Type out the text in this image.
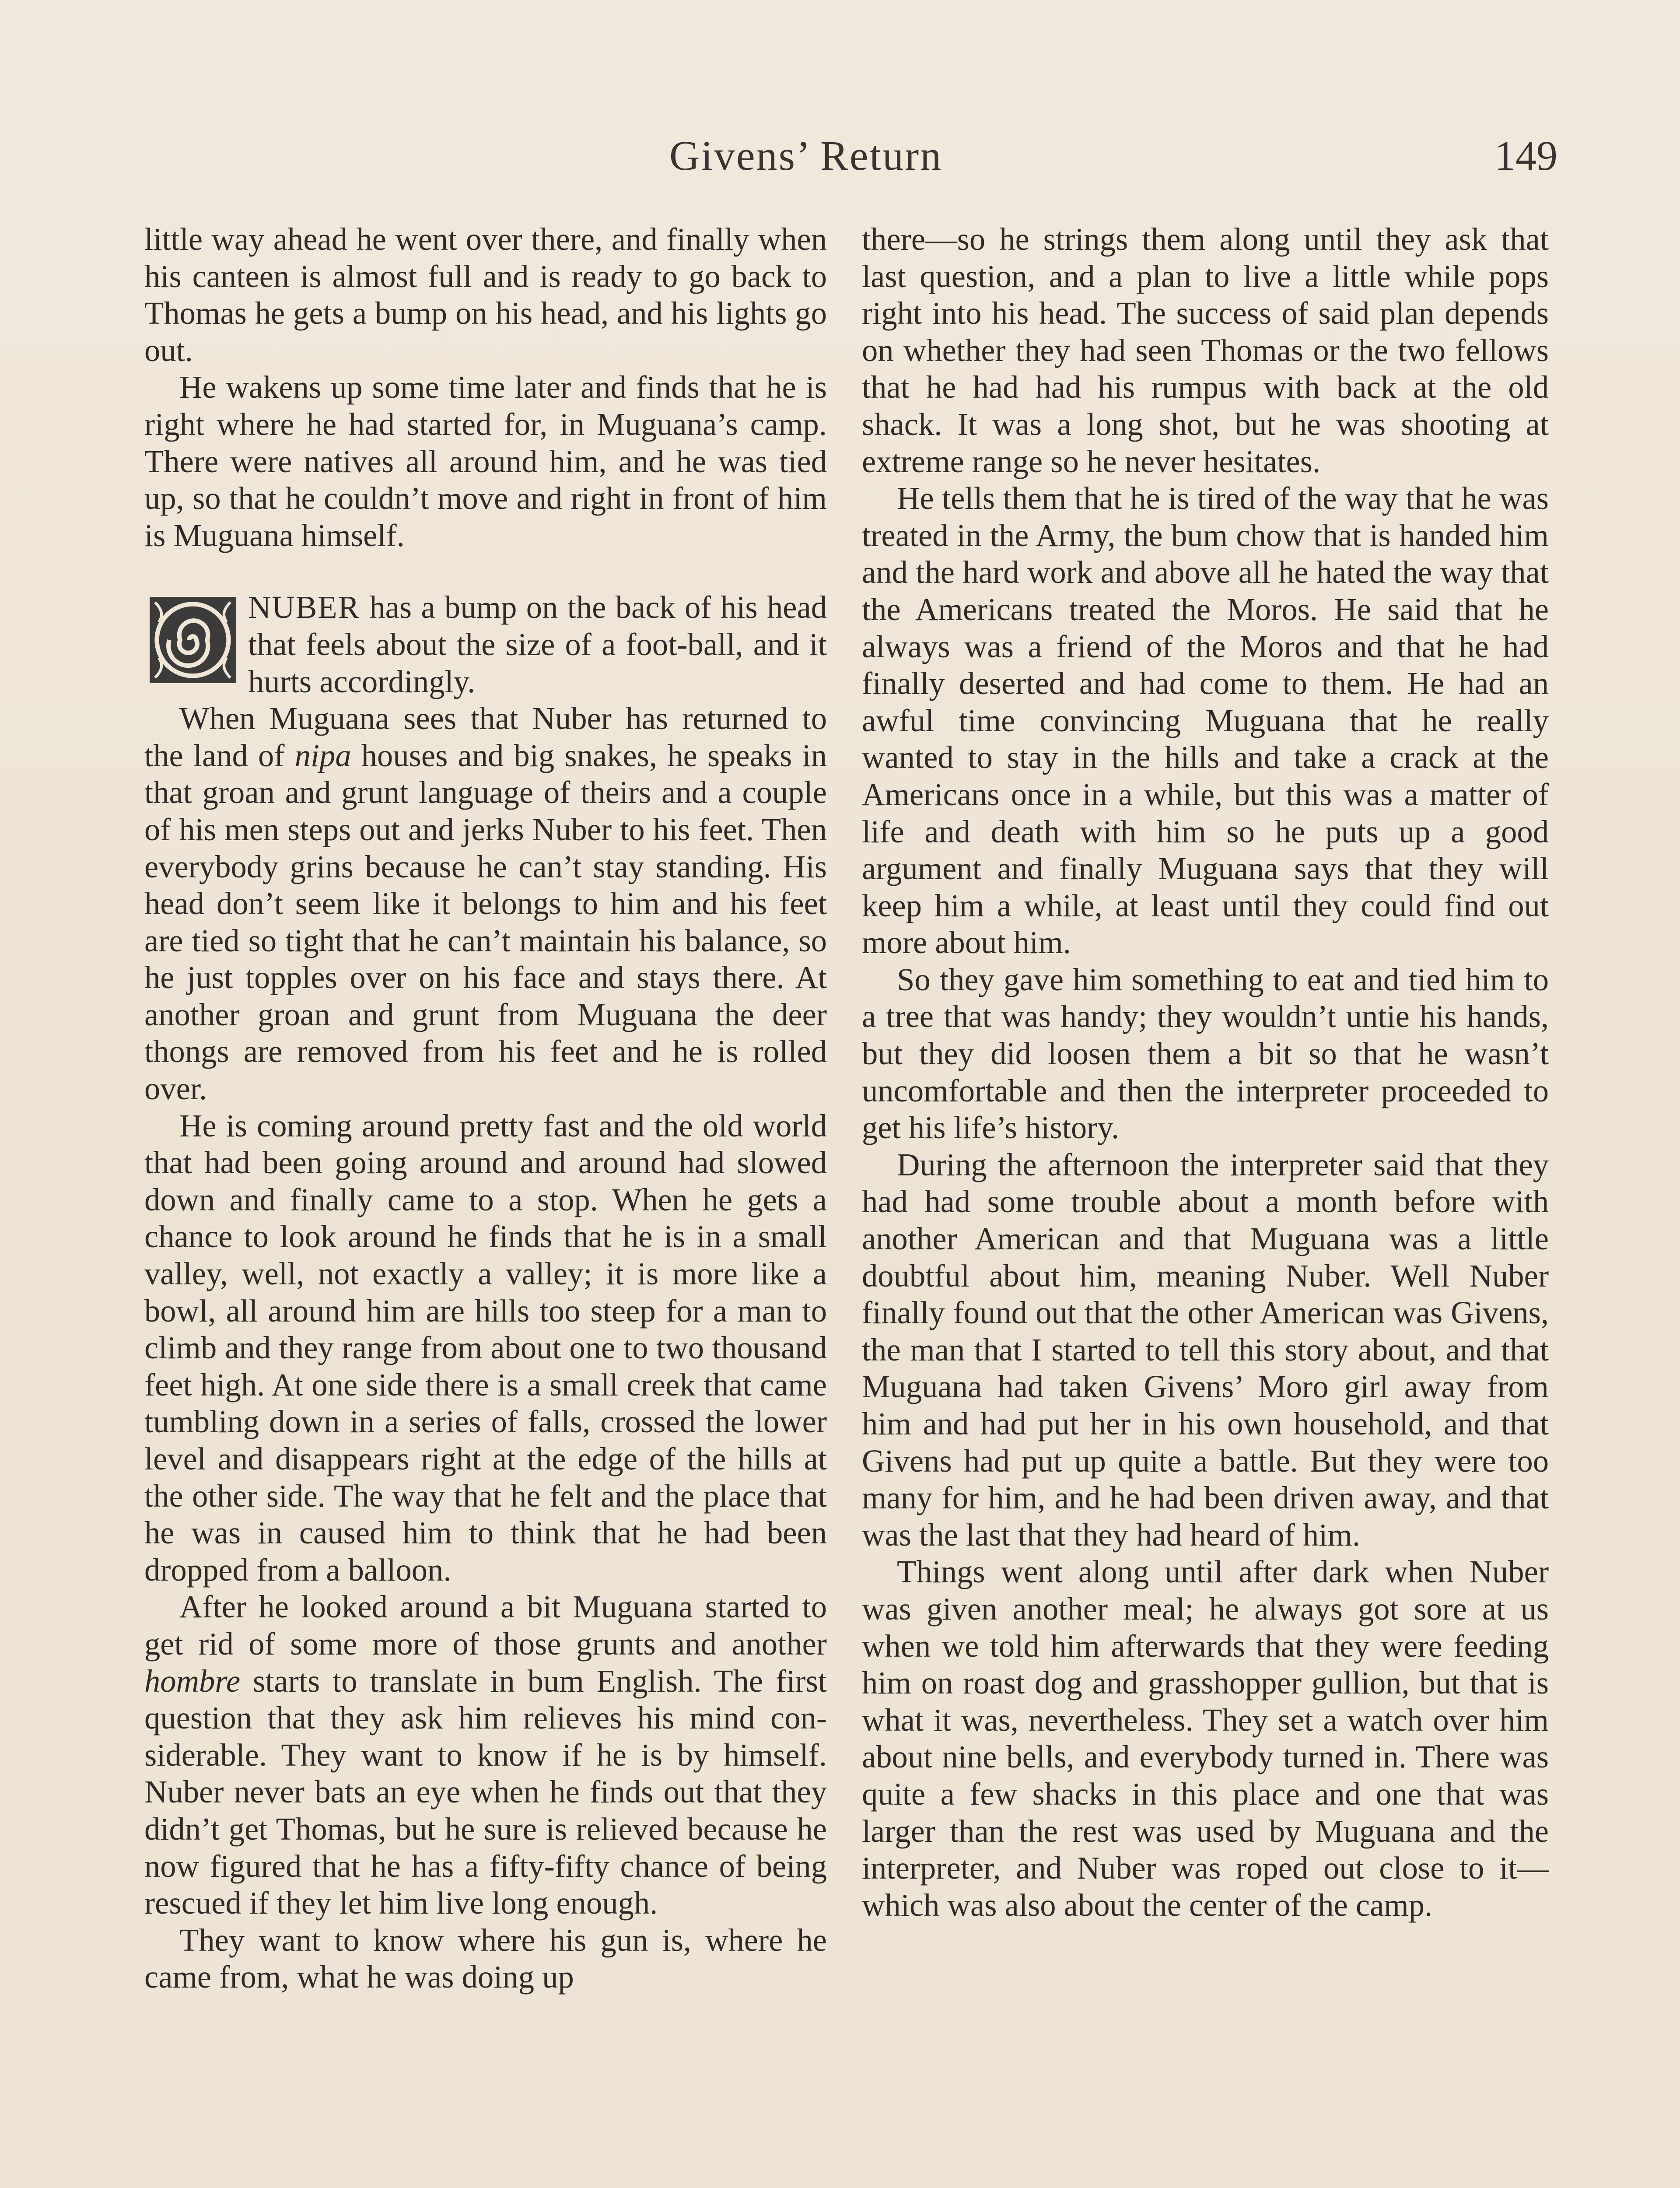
Givens’ Return	149

little way ahead he went over there, and finally when his canteen is almost full and is ready to go back to Thomas he gets a bump on his head, and his lights go out.

He wakens up some time later and finds that he is right where he had started for, in Muguana’s camp. There were natives all around him, and he was tied up, so that he couldn’t move and right in front of him is Muguana himself.

NUBER has a bump on the back of his head that feels about the size of a foot-ball, and it hurts accordingly.

When Muguana sees that Nuber has returned to the land of nipa houses and big snakes, he speaks in that groan and grunt language of theirs and a couple of his men steps out and jerks Nuber to his feet. Then everybody grins because he can’t stay standing. His head don’t seem like it belongs to him and his feet are tied so tight that he can’t maintain his balance, so he just topples over on his face and stays there. At another groan and grunt from Muguana the deer thongs are removed from his feet and he is rolled over.

He is coming around pretty fast and the old world that had been going around and around had slowed down and finally came to a stop. When he gets a chance to look around he finds that he is in a small valley, well, not exactly a valley; it is more like a bowl, all around him are hills too steep for a man to climb and they range from about one to two thousand feet high. At one side there is a small creek that came tumbling down in a series of falls, crossed the lower level and disappears right at the edge of the hills at the other side. The way that he felt and the place that he was in caused him to think that he had been dropped from a balloon.

After he looked around a bit Muguana started to get rid of some more of those grunts and another hombre starts to translate in bum English. The first question that they ask him relieves his mind considerable. They want to know if he is by himself. Nuber never bats an eye when he finds out that they didn’t get Thomas, but he sure is relieved because he now figured that he has a fifty-fifty chance of being rescued if they let him live long enough.

They want to know where his gun is, where he came from, what he was doing up

there—so he strings them along until they ask that last question, and a plan to live a little while pops right into his head. The success of said plan depends on whether they had seen Thomas or the two fellows that he had had his rumpus with back at the old shack. It was a long shot, but he was shooting at extreme range so he never hesitates.

He tells them that he is tired of the way that he was treated in the Army, the bum chow that is handed him and the hard work and above all he hated the way that the Americans treated the Moros. He said that he always was a friend of the Moros and that he had finally deserted and had come to them. He had an awful time convincing Muguana that he really wanted to stay in the hills and take a crack at the Americans once in a while, but this was a matter of life and death with him so he puts up a good argument and finally Muguana says that they will keep him a while, at least until they could find out more about him.

So they gave him something to eat and tied him to a tree that was handy; they wouldn’t untie his hands, but they did loosen them a bit so that he wasn’t uncomfortable and then the interpreter proceeded to get his life’s history.

During the afternoon the interpreter said that they had had some trouble about a month before with another American and that Muguana was a little doubtful about him, meaning Nuber. Well Nuber finally found out that the other American was Givens, the man that I started to tell this story about, and that Muguana had taken Givens’ Moro girl away from him and had put her in his own household, and that Givens had put up quite a battle. But they were too many for him, and he had been driven away, and that was the last that they had heard of him.

Things went along until after dark when Nuber was given another meal; he always got sore at us when we told him afterwards that they were feeding him on roast dog and grasshopper gullion, but that is what it was, nevertheless. They set a watch over him about nine bells, and everybody turned in. There was quite a few shacks in this place and one that was larger than the rest was used by Muguana and the interpreter, and Nuber was roped out close to it—which was also about the center of the camp.
